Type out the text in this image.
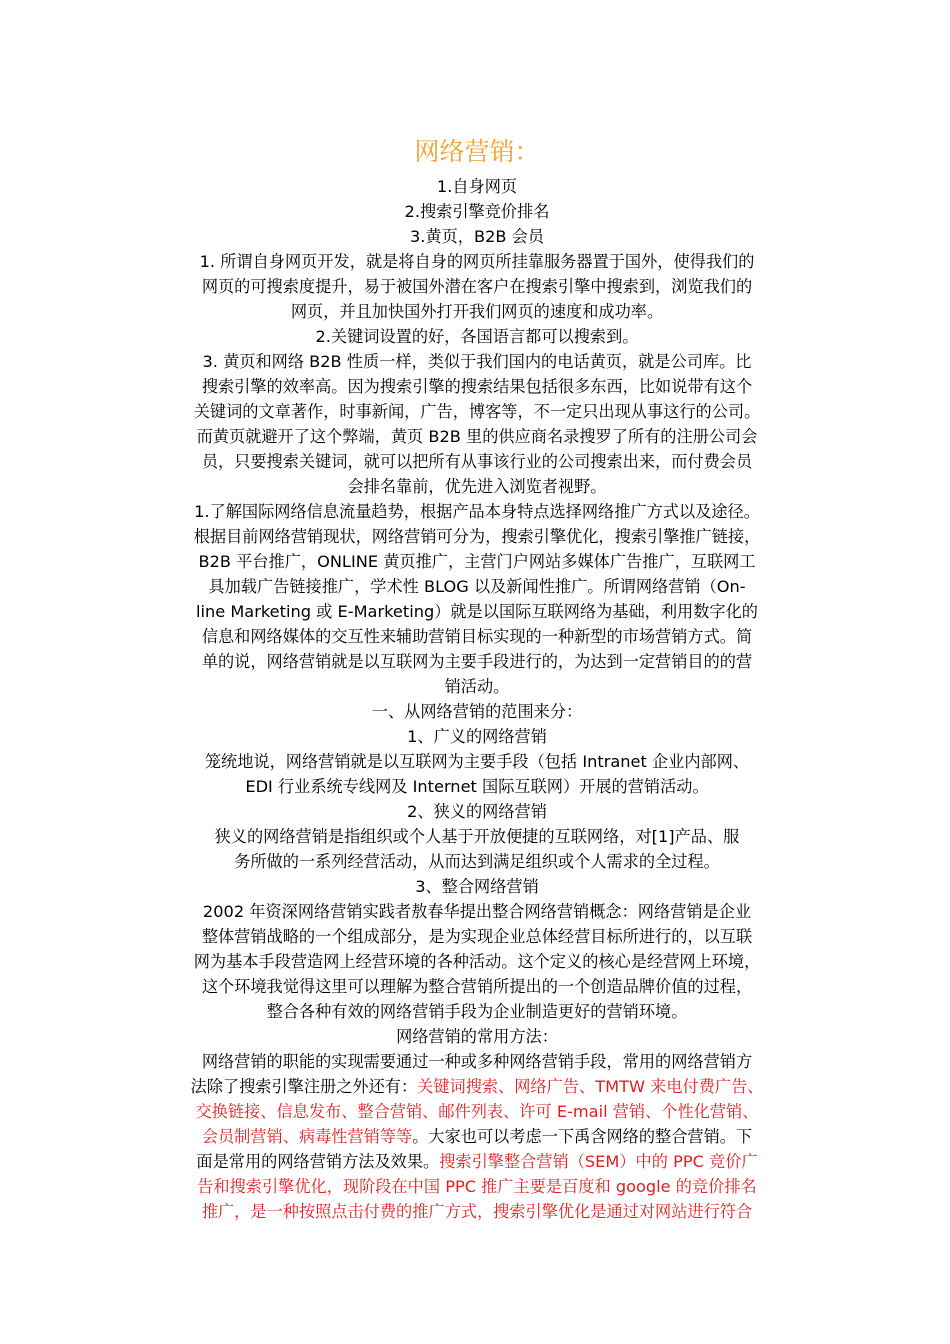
网络营销：
1.自身网页
2.搜索引擎竞价排名
3.黄页，B2B 会员
1. 所谓自身网页开发，就是将自身的网页所挂靠服务器置于国外，使得我们的
网页的可搜索度提升，易于被国外潜在客户在搜索引擎中搜索到，浏览我们的
网页，并且加快国外打开我们网页的速度和成功率。
2.关键词设置的好，各国语言都可以搜索到。
3. 黄页和网络 B2B 性质一样，类似于我们国内的电话黄页，就是公司库。比
搜索引擎的效率高。因为搜索引擎的搜索结果包括很多东西，比如说带有这个
关键词的文章著作，时事新闻，广告，博客等，不一定只出现从事这行的公司。
而黄页就避开了这个弊端，黄页 B2B 里的供应商名录搜罗了所有的注册公司会
员，只要搜索关键词，就可以把所有从事该行业的公司搜索出来，而付费会员
会排名靠前，优先进入浏览者视野。
1.了解国际网络信息流量趋势，根据产品本身特点选择网络推广方式以及途径。
根据目前网络营销现状，网络营销可分为，搜索引擎优化，搜索引擎推广链接，
B2B 平台推广，ONLINE 黄页推广，主营门户网站多媒体广告推广，互联网工
具加载广告链接推广，学术性 BLOG 以及新闻性推广。所谓网络营销（On-
line Marketing 或 E-Marketing）就是以国际互联网络为基础，利用数字化的
信息和网络媒体的交互性来辅助营销目标实现的一种新型的市场营销方式。简
单的说，网络营销就是以互联网为主要手段进行的，为达到一定营销目的的营
销活动。
一、从网络营销的范围来分：
1、广义的网络营销
笼统地说，网络营销就是以互联网为主要手段（包括 Intranet 企业内部网、
EDI 行业系统专线网及 Internet 国际互联网）开展的营销活动。
2、狭义的网络营销
狭义的网络营销是指组织或个人基于开放便捷的互联网络，对[1]产品、服
务所做的一系列经营活动，从而达到满足组织或个人需求的全过程。
3、整合网络营销
2002 年资深网络营销实践者敖春华提出整合网络营销概念：网络营销是企业
整体营销战略的一个组成部分，是为实现企业总体经营目标所进行的，以互联
网为基本手段营造网上经营环境的各种活动。这个定义的核心是经营网上环境，
这个环境我觉得这里可以理解为整合营销所提出的一个创造品牌价值的过程，
整合各种有效的网络营销手段为企业制造更好的营销环境。
网络营销的常用方法：
网络营销的职能的实现需要通过一种或多种网络营销手段，常用的网络营销方
法除了搜索引擎注册之外还有：关键词搜索、网络广告、TMTW 来电付费广告、
交换链接、信息发布、整合营销、邮件列表、许可 E-mail 营销、个性化营销、
会员制营销、病毒性营销等等。大家也可以考虑一下禹含网络的整合营销。下
面是常用的网络营销方法及效果。搜索引擎整合营销（SEM）中的 PPC 竞价广
告和搜索引擎优化，现阶段在中国 PPC 推广主要是百度和 google 的竞价排名
推广，是一种按照点击付费的推广方式，搜索引擎优化是通过对网站进行符合
